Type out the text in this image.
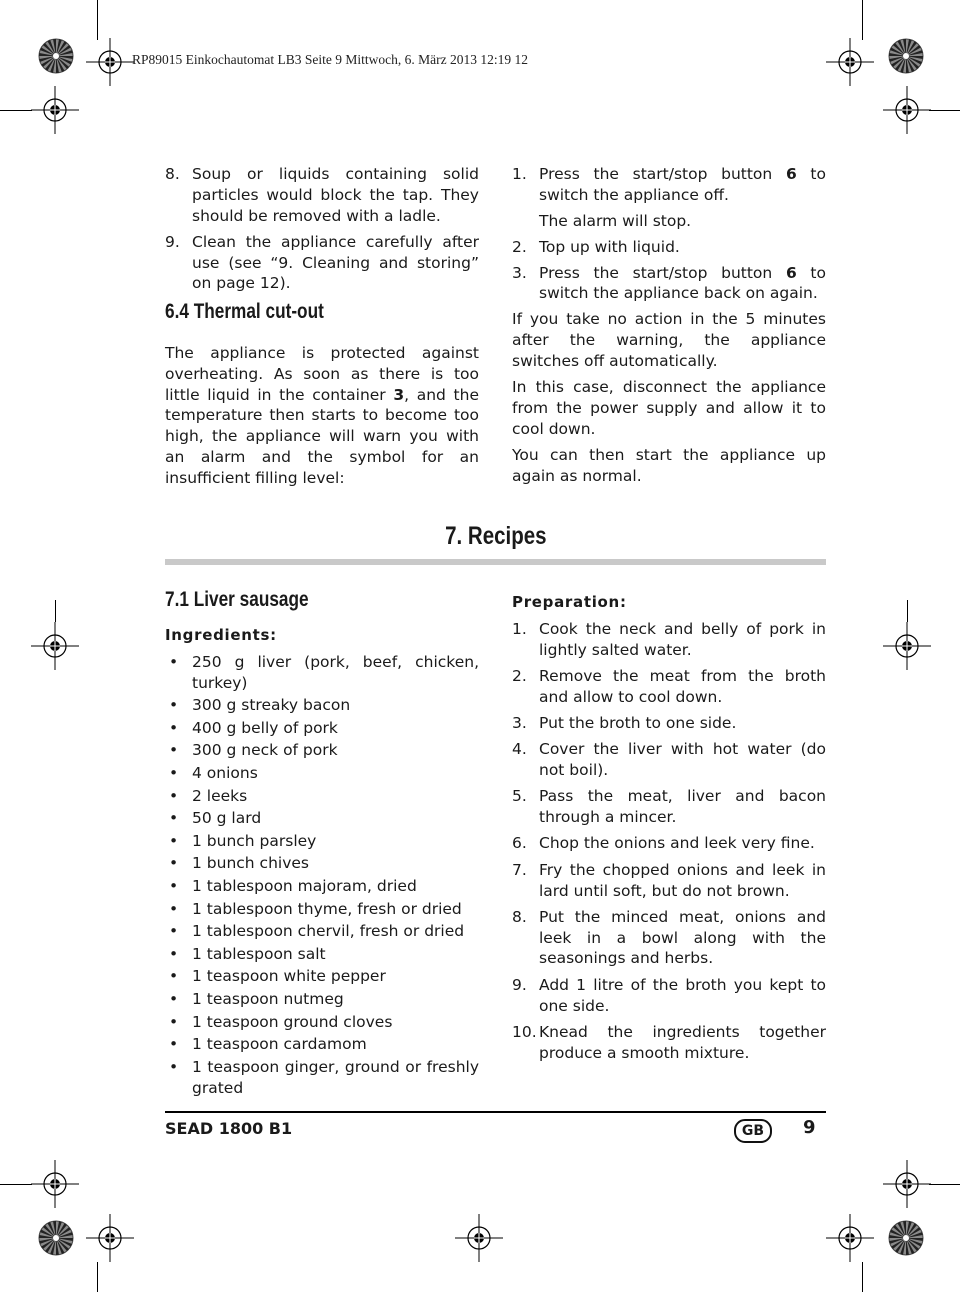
RP89015 Einkochautomat LB3 Seite 9 Mittwoch, 6. März 2013 12:19 12
8. Soup or liquids containing solid particles would block the tap. They should be removed with a ladle.
9. Clean the appliance carefully after use (see “9. Cleaning and storing” on page 12).
6.4 Thermal cut-out

The appliance is protected against overheating. As soon as there is too little liquid in the container 3, and the temperature then starts to become too high, the appliance will warn you with an alarm and the symbol for an insufficient filling level:

1. Press the start/stop button 6 to switch the appliance off.

The alarm will stop.

2. Top up with liquid.
3. Press the start/stop button 6 to switch the appliance back on again.

If you take no action in the 5 minutes after the warning, the appliance switches off automatically.

In this case, disconnect the appliance from the power supply and allow it to cool down.

You can then start the appliance up again as normal.

7. Recipes
7.1 Liver sausage
Ingredients:
• 250 g liver (pork, beef, chicken, turkey)
• 300 g streaky bacon
• 400 g belly of pork
• 300 g neck of pork
• 4 onions
• 2 leeks
• 50 g lard
• 1 bunch parsley
• 1 bunch chives
• 1 tablespoon majoram, dried
• 1 tablespoon thyme, fresh or dried
• 1 tablespoon chervil, fresh or dried
• 1 tablespoon salt
• 1 teaspoon white pepper
• 1 teaspoon nutmeg
• 1 teaspoon ground cloves
• 1 teaspoon cardamom
• 1 teaspoon ginger, ground or freshly grated
Preparation:
1. Cook the neck and belly of pork in lightly salted water.
2. Remove the meat from the broth and allow to cool down.
3. Put the broth to one side.
4. Cover the liver with hot water (do not boil).
5. Pass the meat, liver and bacon through a mincer.
6. Chop the onions and leek very fine.
7. Fry the chopped onions and leek in lard until soft, but do not brown.
8. Put the minced meat, onions and leek in a bowl along with the seasonings and herbs.
9. Add 1 litre of the broth you kept to one side.
10. Knead the ingredients together produce a smooth mixture.
SEAD 1800 B1	GB	9
